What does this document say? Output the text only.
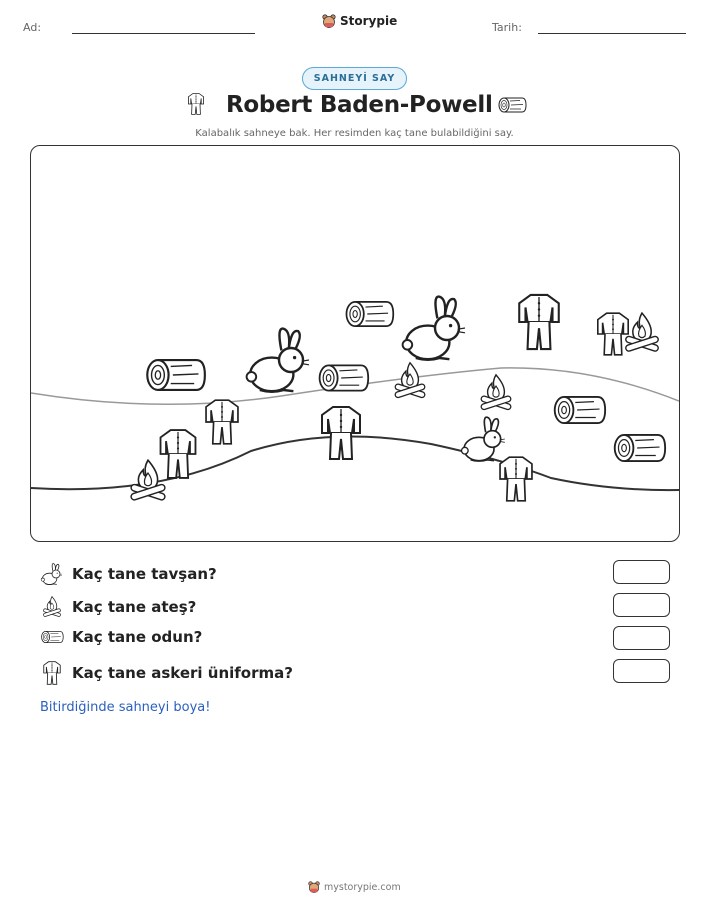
Ad:	Storypie	Tarih:
SAHNEYİ SAY
Robert Baden-Powell
Kalabalık sahneye bak. Her resimden kaç tane bulabildiğini say.
Kaç tane tavşan?
Kaç tane ateş?
Kaç tane odun?
Kaç tane askeri üniforma?
Bitirdiğinde sahneyi boya!
mystorypie.com
